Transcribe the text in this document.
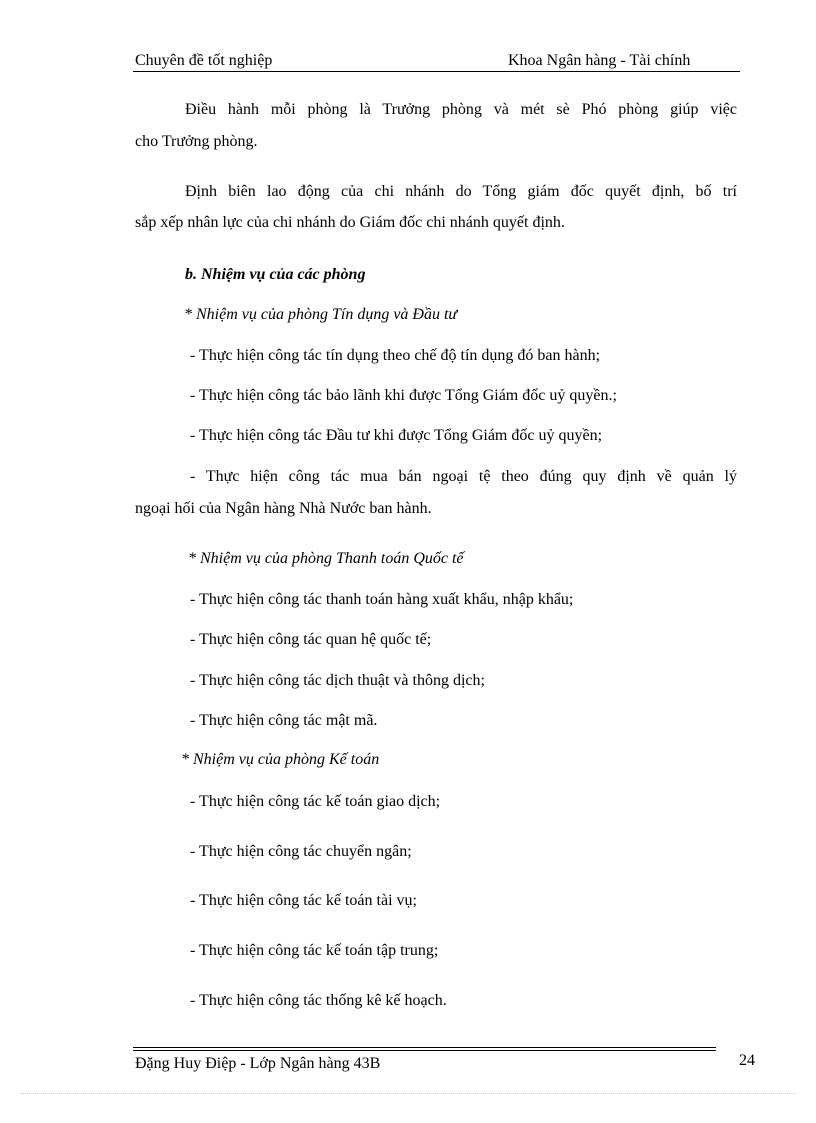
Chuyên đề tốt nghiệp	Khoa Ngân hàng - Tài chính
Điều hành mỗi phòng là Trưởng phòng và mét sè Phó phòng giúp việc
cho Trưởng phòng.
Định biên lao động của chi nhánh do Tổng giám đốc quyết định, bố trí
sắp xếp nhân lực của chi nhánh do Giám đốc chi nhánh quyết định.
b. Nhiệm vụ của các phòng
* Nhiệm vụ của phòng Tín dụng và Đầu tư
- Thực hiện công tác tín dụng theo chế độ tín dụng đó ban hành;
- Thực hiện công tác bảo lãnh khi được Tổng Giám đốc uỷ quyền.;
- Thực hiện công tác Đầu tư khi được Tổng Giám đốc uỷ quyền;
- Thực hiện công tác mua bán ngoại tệ theo đúng quy định về quản lý
ngoại hối của Ngân hàng Nhà Nước ban hành.
* Nhiệm vụ của phòng Thanh toán Quốc tế
- Thực hiện công tác thanh toán hàng xuất khẩu, nhập khẩu;
- Thực hiện công tác quan hệ quốc tế;
- Thực hiện công tác dịch thuật và thông dịch;
- Thực hiện công tác mật mã.
* Nhiệm vụ của phòng Kế toán
- Thực hiện công tác kế toán giao dịch;
- Thực hiện công tác chuyển ngân;
- Thực hiện công tác kế toán tài vụ;
- Thực hiện công tác kế toán tập trung;
- Thực hiện công tác thống kê kế hoạch.
Đặng Huy Điệp - Lớp Ngân hàng 43B	24
